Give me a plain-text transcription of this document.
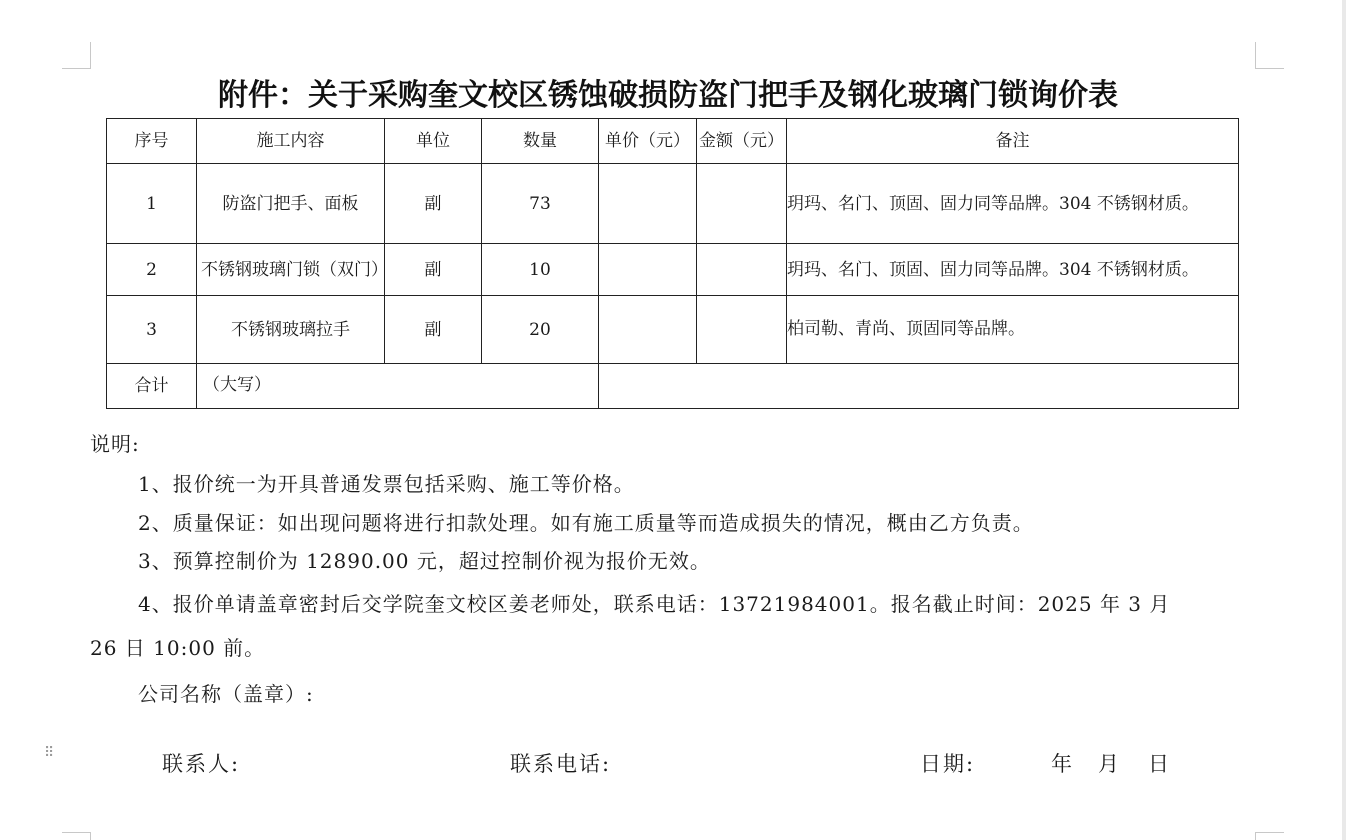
附件：关于采购奎文校区锈蚀破损防盗门把手及钢化玻璃门锁询价表
序号	施工内容	单位	数量	单价（元）	金额（元）	备注
1	防盗门把手、面板	副	73			玥玛、名门、顶固、固力同等品牌。304 不锈钢材质。
2	不锈钢玻璃门锁（双门）	副	10			玥玛、名门、顶固、固力同等品牌。304 不锈钢材质。
3	不锈钢玻璃拉手	副	20			柏司勒、青尚、顶固同等品牌。
合计	（大写）					
说明:
1、报价统一为开具普通发票包括采购、施工等价格。
2、质量保证：如出现问题将进行扣款处理。如有施工质量等而造成损失的情况，概由乙方负责。
3、预算控制价为 12890.00 元，超过控制价视为报价无效。
4、报价单请盖章密封后交学院奎文校区姜老师处，联系电话：13721984001。报名截止时间：2025 年 3 月
26 日 10:00 前。
公司名称（盖章）:
⠿	联系人:	联系电话:	日期:	年 月 日
